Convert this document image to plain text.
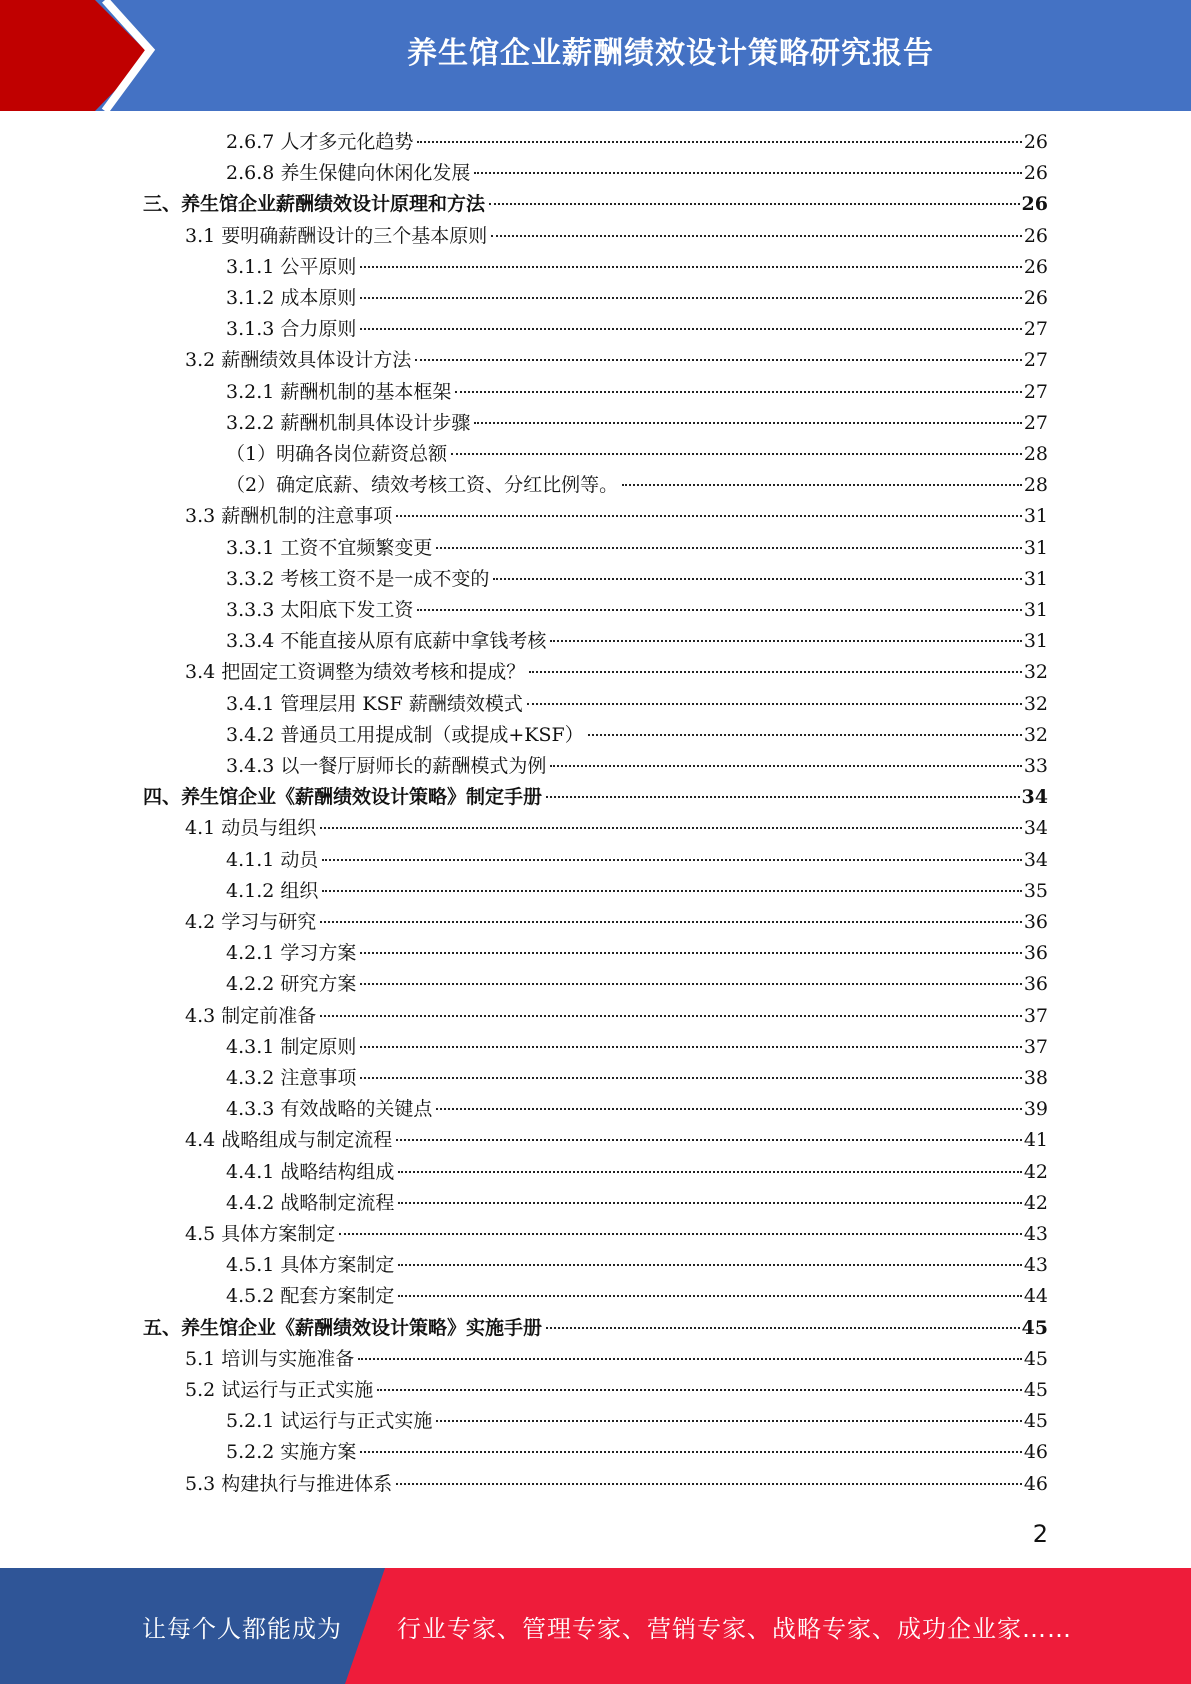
养生馆企业薪酬绩效设计策略研究报告
2.6.7 人才多元化趋势	26
2.6.8 养生保健向休闲化发展	26
三、养生馆企业薪酬绩效设计原理和方法	26
3.1 要明确薪酬设计的三个基本原则	26
3.1.1 公平原则	26
3.1.2 成本原则	26
3.1.3 合力原则	27
3.2 薪酬绩效具体设计方法	27
3.2.1 薪酬机制的基本框架	27
3.2.2 薪酬机制具体设计步骤	27
（1）明确各岗位薪资总额	28
（2）确定底薪、绩效考核工资、分红比例等。	28
3.3 薪酬机制的注意事项	31
3.3.1 工资不宜频繁变更	31
3.3.2 考核工资不是一成不变的	31
3.3.3 太阳底下发工资	31
3.3.4 不能直接从原有底薪中拿钱考核	31
3.4 把固定工资调整为绩效考核和提成？	32
3.4.1 管理层用 KSF 薪酬绩效模式	32
3.4.2 普通员工用提成制（或提成+KSF）	32
3.4.3 以一餐厅厨师长的薪酬模式为例	33
四、养生馆企业《薪酬绩效设计策略》制定手册	34
4.1 动员与组织	34
4.1.1 动员	34
4.1.2 组织	35
4.2 学习与研究	36
4.2.1 学习方案	36
4.2.2 研究方案	36
4.3 制定前准备	37
4.3.1 制定原则	37
4.3.2 注意事项	38
4.3.3 有效战略的关键点	39
4.4 战略组成与制定流程	41
4.4.1 战略结构组成	42
4.4.2 战略制定流程	42
4.5 具体方案制定	43
4.5.1 具体方案制定	43
4.5.2 配套方案制定	44
五、养生馆企业《薪酬绩效设计策略》实施手册	45
5.1 培训与实施准备	45
5.2 试运行与正式实施	45
5.2.1 试运行与正式实施	45
5.2.2 实施方案	46
5.3 构建执行与推进体系	46
2
让每个人都能成为 行业专家、管理专家、营销专家、战略专家、成功企业家……
